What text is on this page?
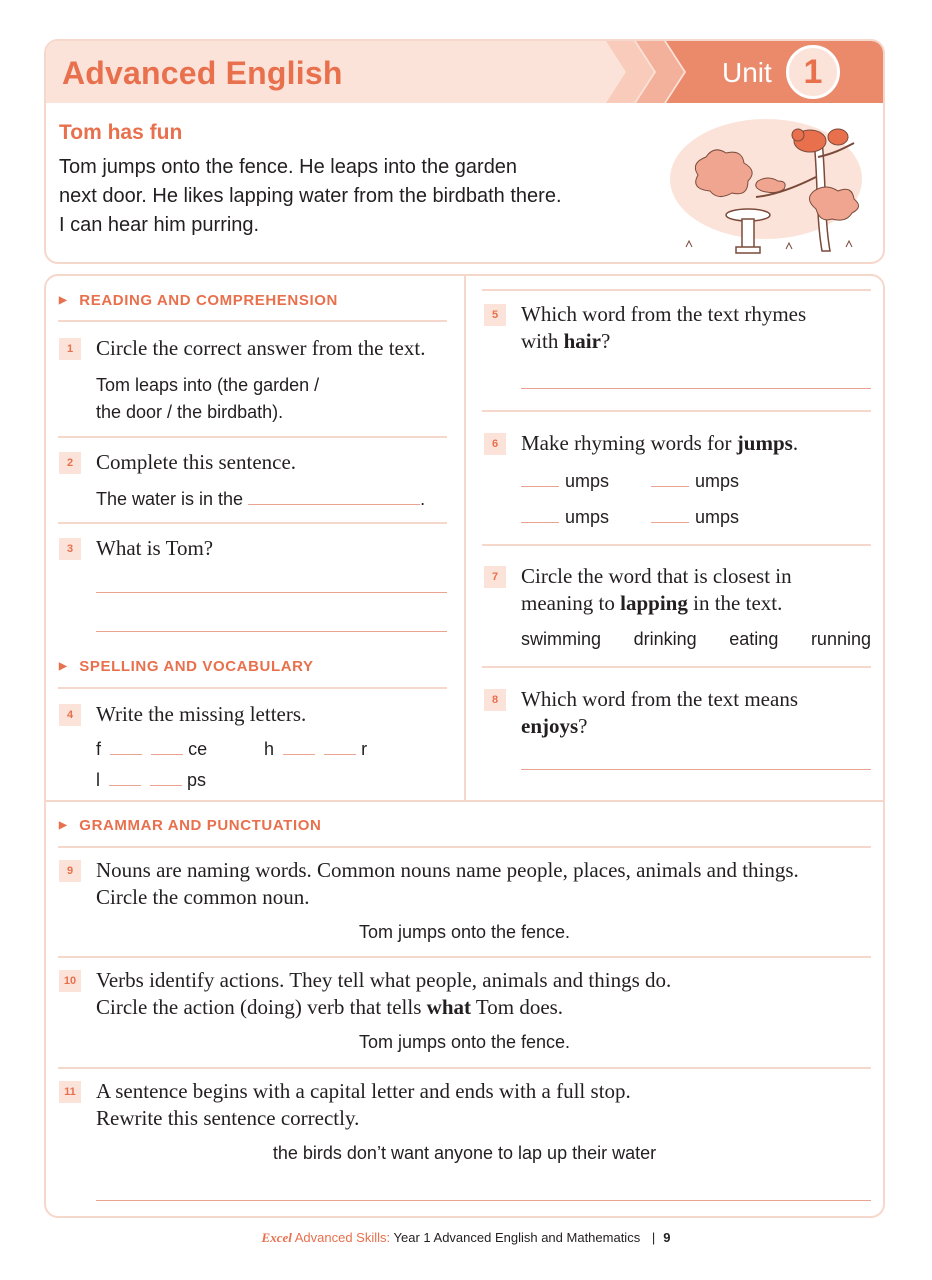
Advanced English	Unit 1
Tom has fun
Tom jumps onto the fence. He leaps into the garden
next door. He likes lapping water from the birdbath there.
I can hear him purring.
▶ READING AND COMPREHENSION
1	Circle the correct answer from the text.
Tom leaps into (the garden /
the door / the birdbath).
2	Complete this sentence.
The water is in the	.
3	What is Tom?
▶ SPELLING AND VOCABULARY
4	Write the missing letters.
f	ce	h	r
l	ps
5	Which word from the text rhymes
with hair?
6	Make rhyming words for jumps.
umps	umps
umps	umps
7	Circle the word that is closest in
meaning to lapping in the text.
swimming drinking eating running
8	Which word from the text means
enjoys?
▶ GRAMMAR AND PUNCTUATION
9	Nouns are naming words. Common nouns name people, places, animals and things.
Circle the common noun.
Tom jumps onto the fence.
10 Verbs identify actions. They tell what people, animals and things do.
Circle the action (doing) verb that tells what Tom does.
Tom jumps onto the fence.
11 A sentence begins with a capital letter and ends with a full stop.
Rewrite this sentence correctly.
the birds don’t want anyone to lap up their water
Excel Advanced Skills: Year 1 Advanced English and Mathematics | 9
